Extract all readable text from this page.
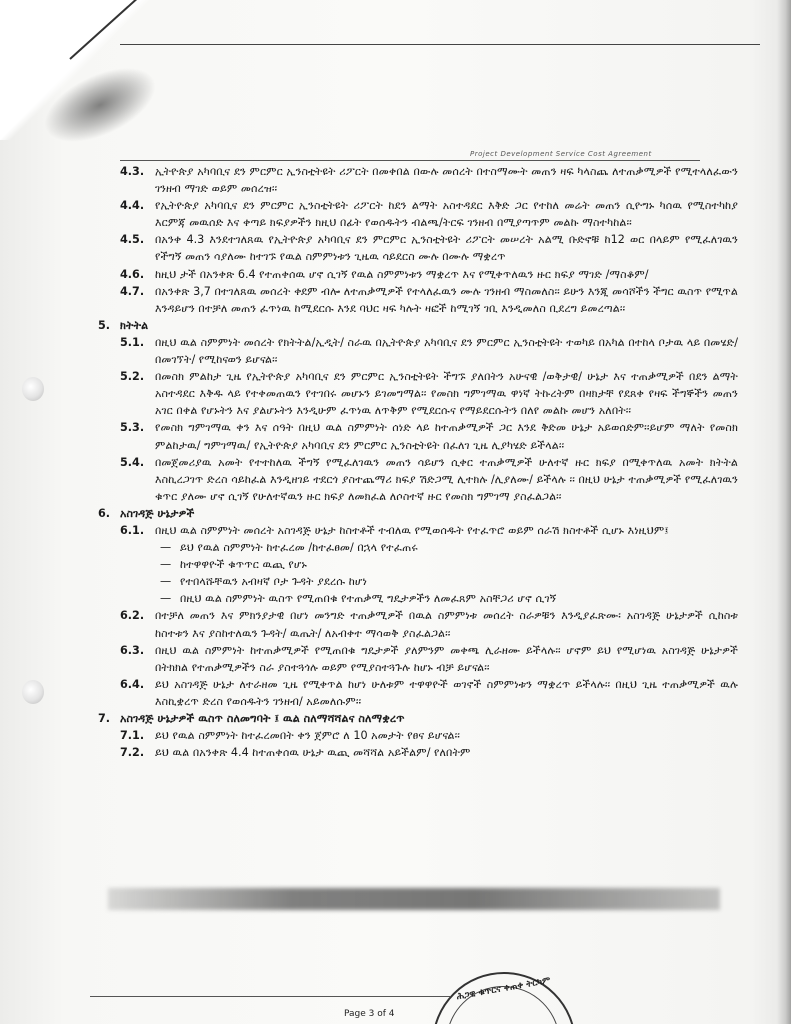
Project Development Service Cost Agreement
4.3. ኢትዮጵያ አካባቢና ደን ምርምር ኢንስቲትዩት ሪፖርት በመቀበል በውሉ መሰረት በተስማሙት መጠን ዛፍ ካላስጨ ለተጠቃሚዎች የሚተላለፈውን ገንዘብ ማገድ ወይም መሰረዝ፡፡
4.4. የኢትዮጵያ አካባቢና ደን ምርምር ኢንስቲትዩት ሪፖርት ከደን ልማት አስተዳደር እቅድ ጋር የተከለ መሬት መጠን ሲዮግኑ ካሰዉ የሚስተካከያ እርምጃ መዉሰድ እና ቀጣይ ክፍያዎችን ክዚህ በፊት የወሰዱትን ብልጫ/ትርፍ ገንዘብ በሚያጣጥም መልኩ ማስተካከል፡፡
4.5. በአንቀ 4.3 እንደተገለጸዉ የኢትዮጵያ አካባቢና ደን ምርምር ኢንስቲትዩት ሪፖርት መሠረት አልሚ ቡድኖቹ ከ12 ወር በላይም የሚፈለገዉን የችግኝ መጠን ሳያለሙ ከተገኙ የዉል ስምምነቱን ጊዜዉ ሳይደርስ ሙሉ በሙሉ ማቋረጥ
4.6. ከዚህ ታች በአንቀጽ 6.4 የተጠቀሰዉ ሆኖ ሲገኝ የዉል ስምምነቱን ማቋረጥ እና የሚቀጥለዉን ዙር ክፍያ ማገድ /ማስቆም/
4.7. በአንቀጽ 3,7 በተገለጸዉ መሰረት ቀደም ብሎ ለተጠቃሚዎች የተላለፈዉን ሙሉ ገንዘብ ማስመለስ፡፡ ይሁን እንጂ መሳሾችን ችግር ዉስጥ የሚጥል እንዳይሆን በተቻለ መጠን ፈጥነዉ ከሚደርሱ እንደ ባህር ዛፍ ካሉት ዛፎች ከሚገኝ ገቢ እንዲመለስ ቢደረግ ይመረጣል፡፡
5. ክትትል
5.1. በዚህ ዉል ስምምነት መሰረት የክትትል/ኢዲት/ ስራዉ በኢትዮጵያ አካባቢና ደን ምርምር ኢንስቲትዩት ተወካይ በአካል በተከላ ቦታዉ ላይ በመሄድ/በመገኘት/ የሚከናወን ይሆናል፡፡
5.2. በመስክ ምልከታ ጊዜ የኢትዮጵያ አካባቢና ደን ምርምር ኢንስቲትዩት ችግኙ ያለበትን አሁናዊ /ወቅታዊ/ ሁኔታ እና ተጠቃሚዎች በደን ልማት አስተዳደር እቅዱ ላይ የተቀመጠዉን የተገበሩ መሆኑን ይገመግማል፡፡ የመስክ ግምገማዉ ዋነኛ ትኩረትም በዛክታቸ የደጸቀ የዛፍ ችግኞችን መጠን አገር በቀል የሆኑትን እና ያልሆኑትን እንዲሁም ፈጥነዉ ለጥቅም የሚደርሱና የማይደርሱትን በለየ መልኩ መሆን አለበት፡፡
5.3. የመስክ ግምገማዉ ቀን እና ሰዓት በዚህ ዉል ስምምነት ሰነድ ላይ ከተጠቃሚዎች ጋር እንደ ቅድመ ሁኔታ አይወሰድም፡፡ይሆም ማለት የመስክ ምልከታዉ/ ግምገማዉ/ የኢትዮጵያ አካባቢና ደን ምርምር ኢንስቲትዩት በፈለገ ጊዜ ሊያካሄድ ይችላል፡፡
5.4. በመጀመሪያዉ አመት የተተከለዉ ችግኝ የሚፈለገዉን መጠን ሳይሆን ሲቀር ተጠቃሚዎች ሁለተኛ ዙር ክፍያ በሚቀጥለዉ አመት ክትትል እስኪረጋገጥ ድረስ ሳይከፈል እንዲዘገይ ተደርጎ ያስተጨማሪ ክፍያ ሽድጋሚ ሊተክሉ /ሊያለሙ/ ይችላሉ ፡፡ በዚህ ሁኔታ ተጠቃሚዎች የሚፈለገዉን ቁጥር ያለሙ ሆኖ ሲገኝ የሁለተኛዉን ዙር ክፍያ ለመክፈል ለሶስተኛ ዙር የመስክ ግምገማ ያስፈልጋል፡፡
6. አስገዳጅ ሁኔታዎች
6.1. በዚህ ዉል ስምምነት መሰረት አስገዳጅ ሁኔታ ከስተቶች ተብለዉ የሚወሰዱት የተፈጥሮ ወይም ሰራሽ ክስተቶች ሲሆኑ እነዚህም፤
— ይህ የዉል ስምምነት ከተፈረመ /ከተፈፀመ/ በኋላ የተፈጠሩ
— ከተዋዋዮች ቁጥጥር ዉጪ የሆኑ
— የተበላሹቸዉን አብዛኛ ቦታ ጉዳት ያደረሱ ከሆነ
— በዚህ ዉል ስምምነት ዉስጥ የሚጠበቁ የተጠቃሚ ግዴታዎችን ለመፈጸም አስቸጋሪ ሆኖ ሲገኝ
6.2. በተቻለ መጠን እና ምክንያታዊ በሆነ መንግድ ተጠቃሚዎች በዉል ስምምነቱ መሰረት ስራዎቹን እንዲያፈጽሙ፡ አስገዳጅ ሁኔታዎች ሲከስቱ ከስተቱን እና ያስከተለዉን ጉዳት/ ዉጤት/ ለአብቀተ ማሳወቅ ያስፈልጋል፡፡
6.3. በዚህ ዉል ስምምነት ከተጠቃሚዎች የሚጠበቁ ግዴታዎች ያለምንም መቀጫ ሊራዘሙ ይችላሉ፡፡ ሆኖም ይህ የሚሆነዉ አስገዳጅ ሁኔታዎች በትክክል የተጠቃሚዎችን ስራ ያስተጓጎሉ ወይም የሚያስተጓጉሉ ከሆኑ ብቻ ይሆናል፡፡
6.4. ይህ አስገዳጅ ሁኔታ ለተራዘመ ጊዜ የሚቀጥል ከሆነ ሁለቱም ተዋዋዮች ወገኖች ስምምነቱን ማቋረጥ ይችላሉ፡፡ በዚህ ጊዜ ተጠቃሚዎች ዉሉ እስኪቋረጥ ድረስ የወሰዱትን ገንዘብ/ አይመለሱም፡፡
7. አስገዳጅ ሁኔታዎች ዉስጥ ስለመግባት ፤ ዉል ስለማሻሻልና ስለማቋረጥ
7.1. ይህ የዉል ስምምነት ከተፈረመበት ቀን ጀምሮ ለ 10 አመታት የፀና ይሆናል፡፡
7.2. ይህ ዉል በአንቀጽ 4.4 ከተጠቀሰዉ ሁኔታ ዉጪ መሻሻል አይችልም/ የለበትም
Page 3 of 4
ሕጋዊ ቁጥርና ቀጠቀ ትርካም
